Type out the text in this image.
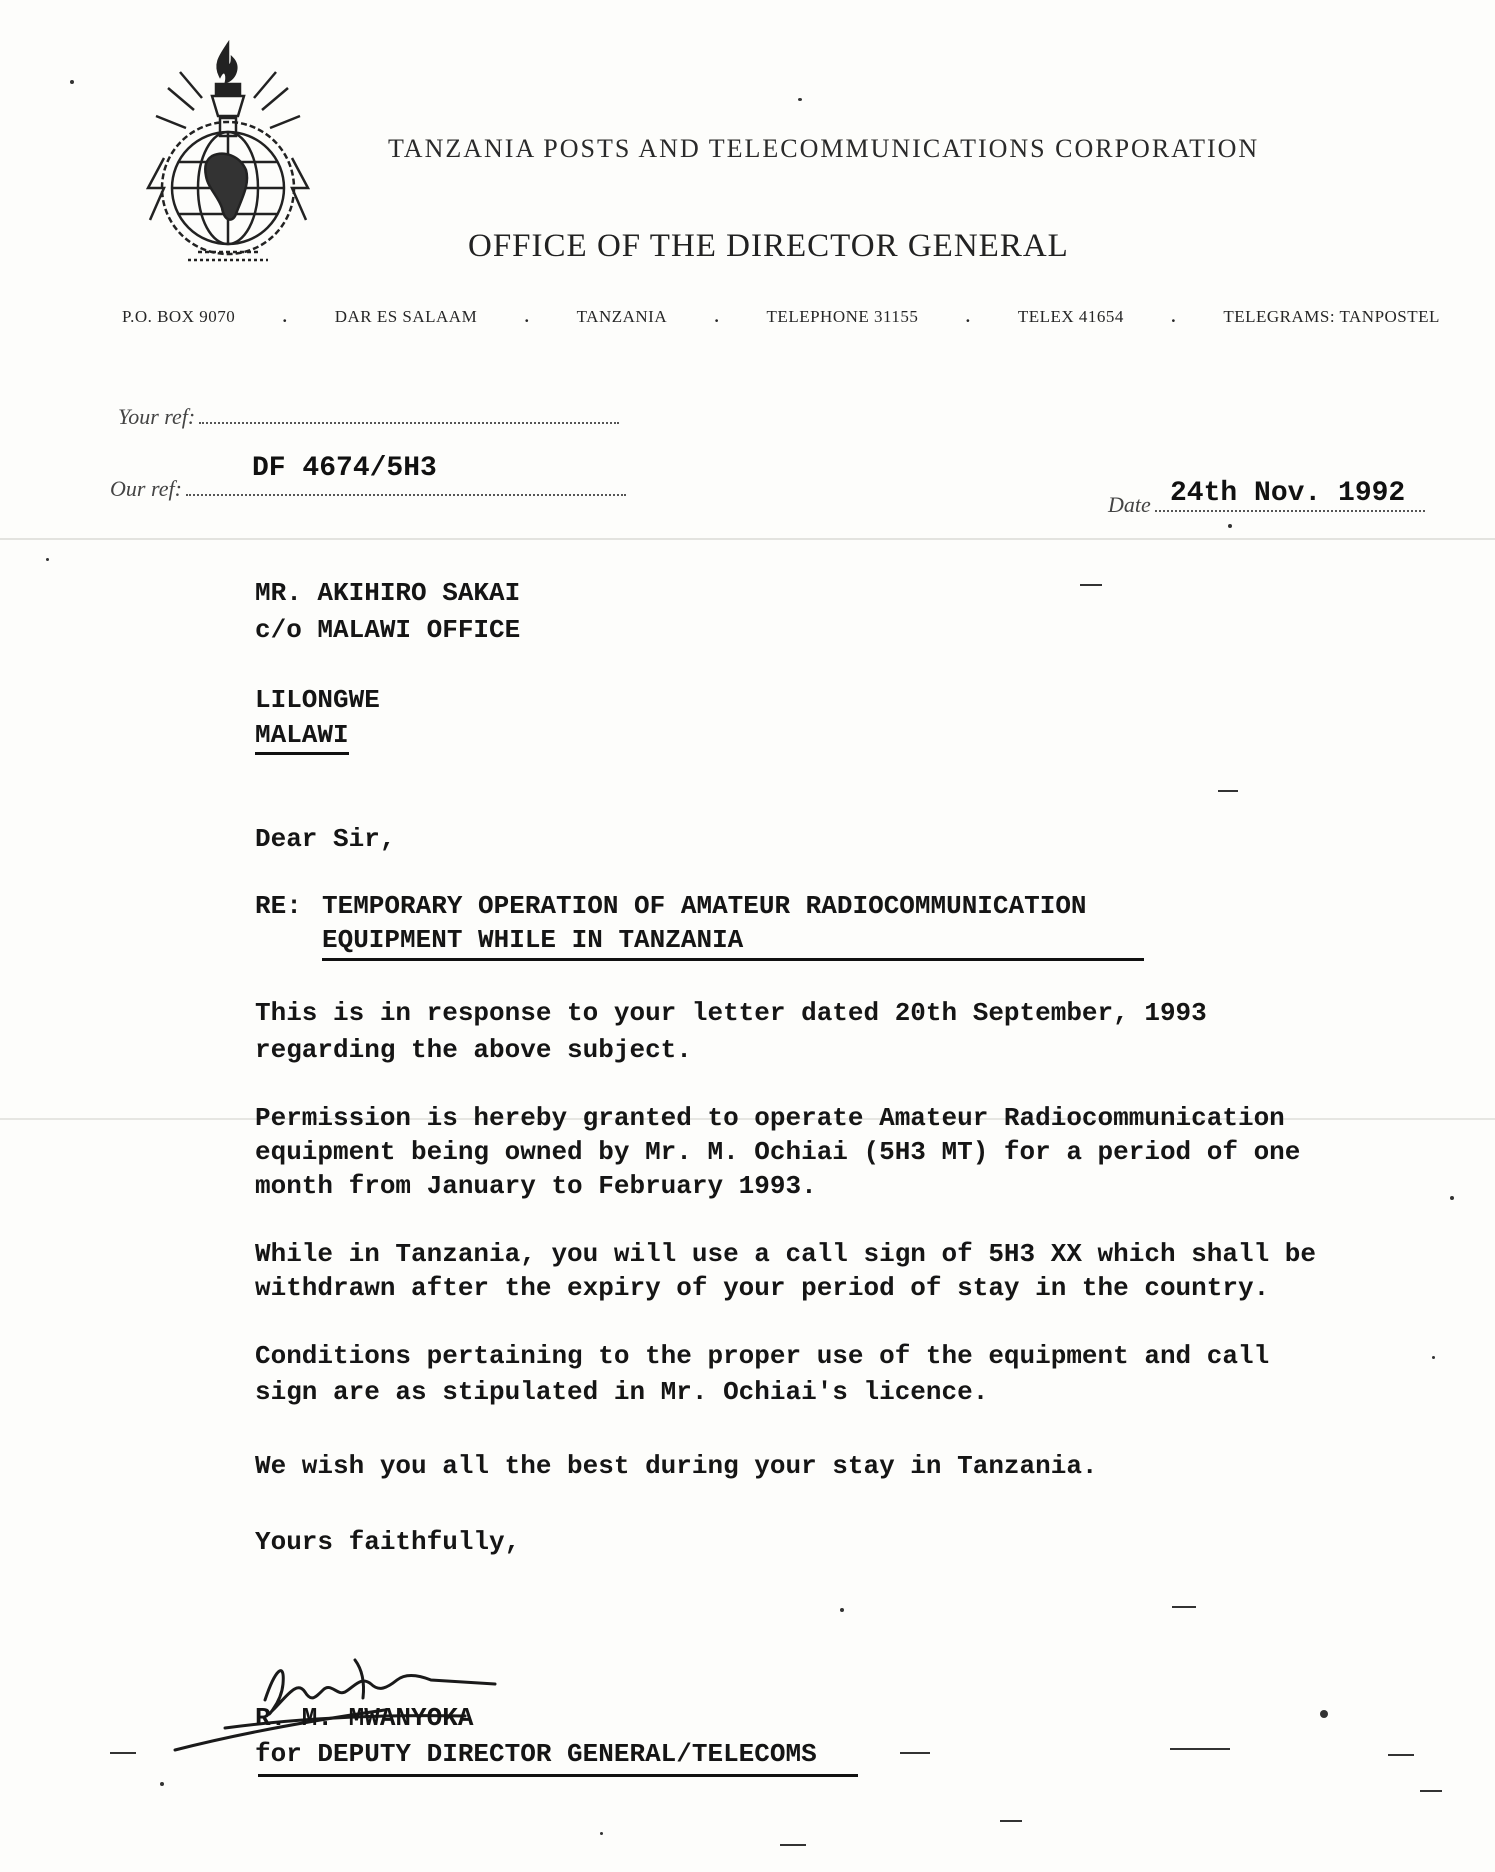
TANZANIA POSTS AND TELECOMMUNICATIONS CORPORATION
OFFICE OF THE DIRECTOR GENERAL
P.O. BOX 9070	.	DAR ES SALAAM	.	TANZANIA	.	TELEPHONE 31155	.	TELEX 41654	.	TELEGRAMS: TANPOSTEL
Your ref:
Our ref:
DF 4674/5H3
Date 24th Nov. 1992
MR. AKIHIRO SAKAI
c/o MALAWI OFFICE
LILONGWE
MALAWI
Dear Sir,
RE: TEMPORARY OPERATION OF AMATEUR RADIOCOMMUNICATION
EQUIPMENT WHILE IN TANZANIA
This is in response to your letter dated 20th September, 1993
regarding the above subject.
Permission is hereby granted to operate Amateur Radiocommunication
equipment being owned by Mr. M. Ochiai (5H3 MT) for a period of one
month from January to February 1993.
While in Tanzania, you will use a call sign of 5H3 XX which shall be
withdrawn after the expiry of your period of stay in the country.
Conditions pertaining to the proper use of the equipment and call
sign are as stipulated in Mr. Ochiai's licence.
We wish you all the best during your stay in Tanzania.
Yours faithfully,
R. M. MWANYOKA
for DEPUTY DIRECTOR GENERAL/TELECOMS
